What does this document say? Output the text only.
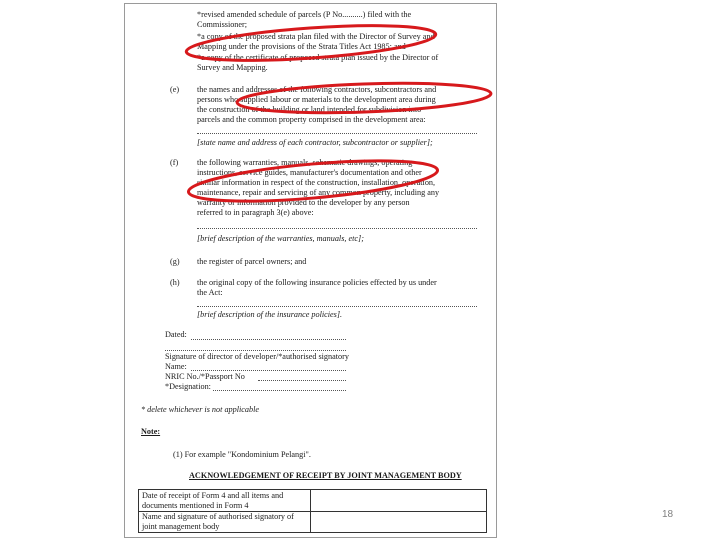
*revised amended schedule of parcels (P No..........) filed with the
Commissioner;
*a copy of the proposed strata plan filed with the Director of Survey and
Mapping under the provisions of the Strata Titles Act 1985; and
*a copy of the certificate of proposed strata plan issued by the Director of
Survey and Mapping.
(e) the names and addresses of the following contractors, subcontractors and
persons who supplied labour or materials to the development area during
the construction of the building or land intended for subdivision into
parcels and the common property comprised in the development area:
[state name and address of each contractor, subcontractor or supplier];
(f) the following warranties, manuals, schematic drawings, operating
instructions, service guides, manufacturer's documentation and other
similar information in respect of the construction, installation, operation,
maintenance, repair and servicing of any common property, including any
warranty or information provided to the developer by any person
referred to in paragraph 3(e) above:
[brief description of the warranties, manuals, etc];
(g) the register of parcel owners; and
(h) the original copy of the following insurance policies effected by us under
the Act:
[brief description of the insurance policies].
Dated:
Signature of director of developer/*authorised signatory
Name:
NRIC No./*Passport No
*Designation:
* delete whichever is not applicable
Note:
(1) For example "Kondominium Pelangi".
ACKNOWLEDGEMENT OF RECEIPT BY JOINT MANAGEMENT BODY
Date of receipt of Form 4 and all items and documents mentioned in Form 4
Name and signature of authorised signatory of joint management body
18
